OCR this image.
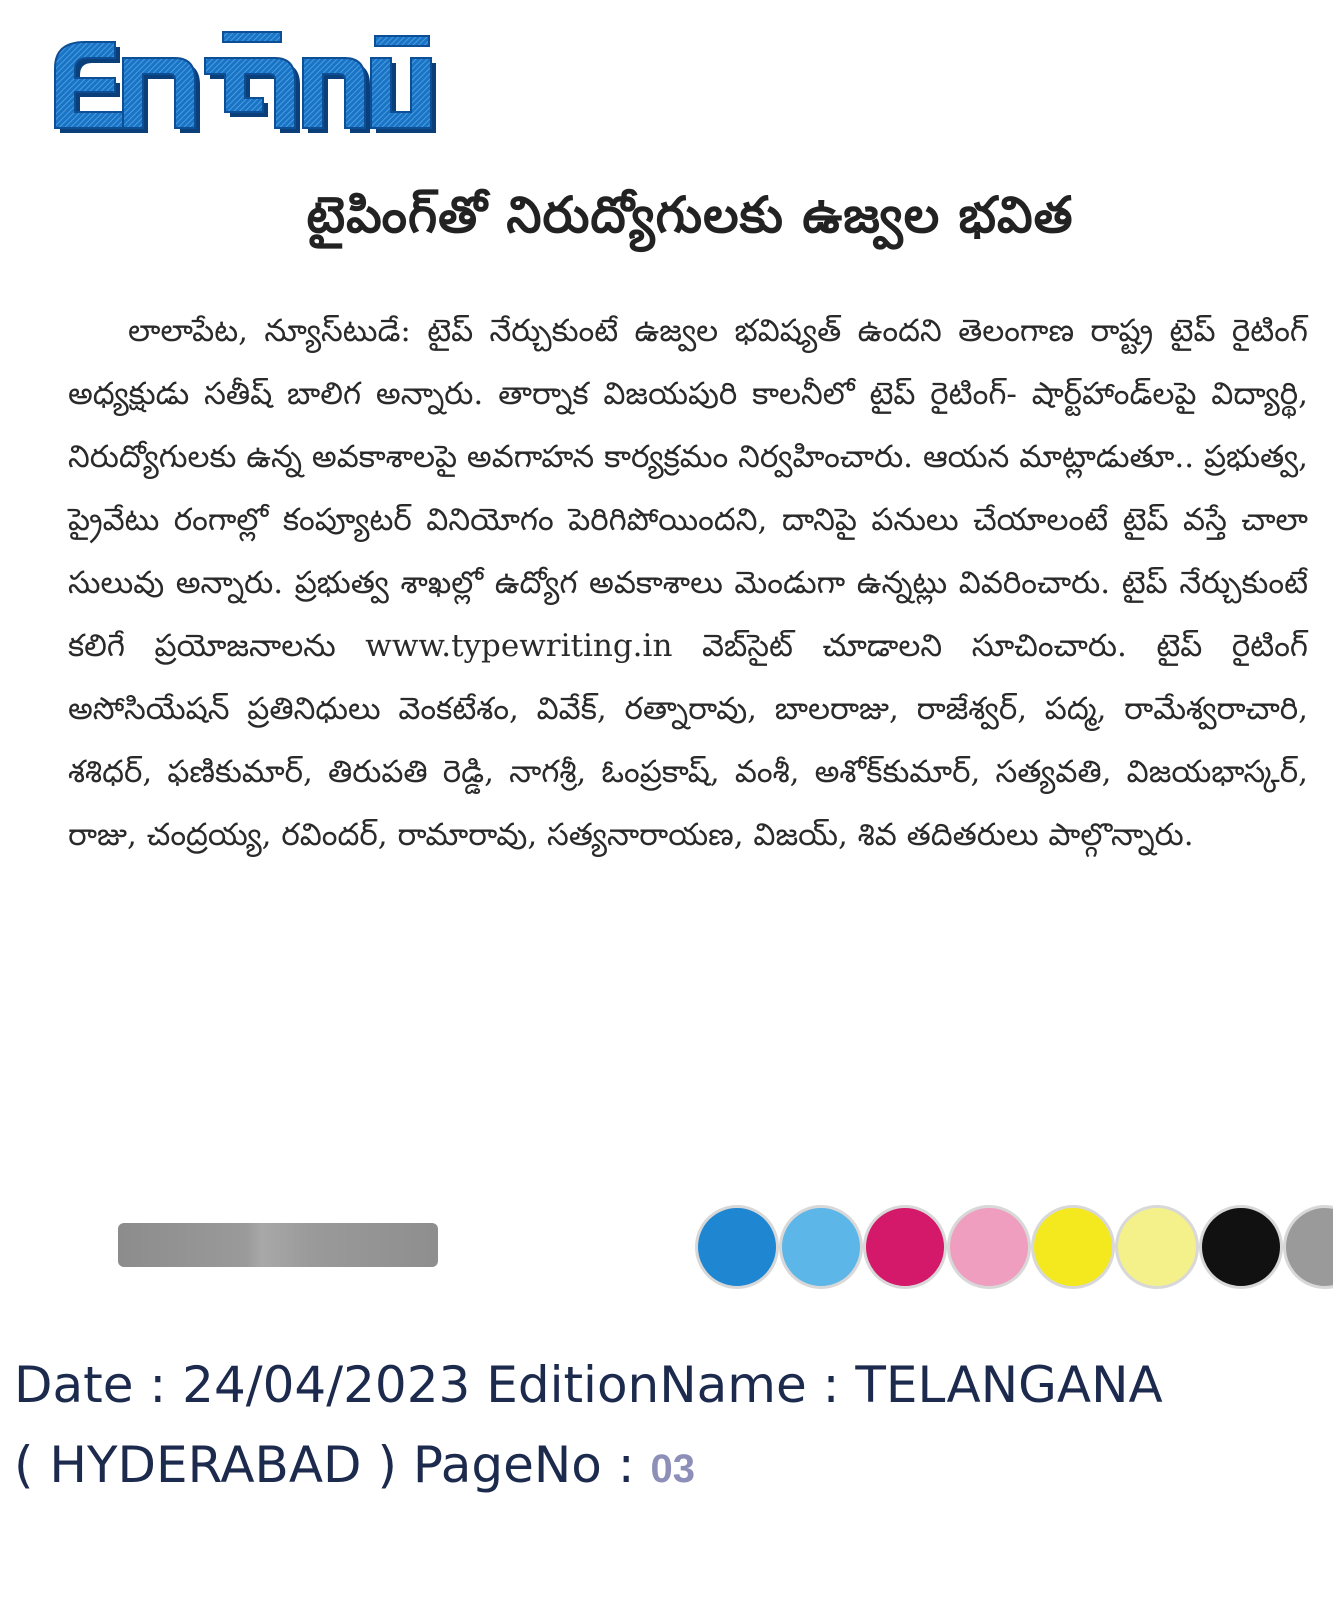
టైపింగ్‌తో నిరుద్యోగులకు ఉజ్వల భవిత

లాలాపేట, న్యూస్‌టుడే: టైప్ నేర్చుకుంటే ఉజ్వల భవిష్యత్ ఉందని తెలంగాణ రాష్ట్ర టైప్ రైటింగ్ అధ్యక్షుడు సతీష్ బాలిగ అన్నారు. తార్నాక విజయపురి కాలనీలో టైప్ రైటింగ్- షార్ట్‌హాండ్‌లపై విద్యార్థి, నిరుద్యోగులకు ఉన్న అవకాశాలపై అవగాహన కార్యక్రమం నిర్వహించారు. ఆయన మాట్లాడుతూ.. ప్రభుత్వ, ప్రైవేటు రంగాల్లో కంప్యూటర్ వినియోగం పెరిగిపోయిందని, దానిపై పనులు చేయాలంటే టైప్ వస్తే చాలా సులువు అన్నారు. ప్రభుత్వ శాఖల్లో ఉద్యోగ అవకాశాలు మెండుగా ఉన్నట్లు వివరించారు. టైప్ నేర్చుకుంటే కలిగే ప్రయోజనాలను www.typewriting.in వెబ్‌సైట్ చూడాలని సూచించారు. టైప్ రైటింగ్ అసోసియేషన్ ప్రతినిధులు వెంకటేశం, వివేక్, రత్నారావు, బాలరాజు, రాజేశ్వర్, పద్మ, రామేశ్వరాచారి, శశిధర్, ఫణికుమార్, తిరుపతి రెడ్డి, నాగశ్రీ, ఓంప్రకాష్, వంశీ, అశోక్‌కుమార్, సత్యవతి, విజయభాస్కర్, రాజు, చంద్రయ్య, రవిందర్, రామారావు, సత్యనారాయణ, విజయ్, శివ తదితరులు పాల్గొన్నారు.

Date : 24/04/2023 EditionName : TELANGANA
( HYDERABAD ) PageNo : 03
